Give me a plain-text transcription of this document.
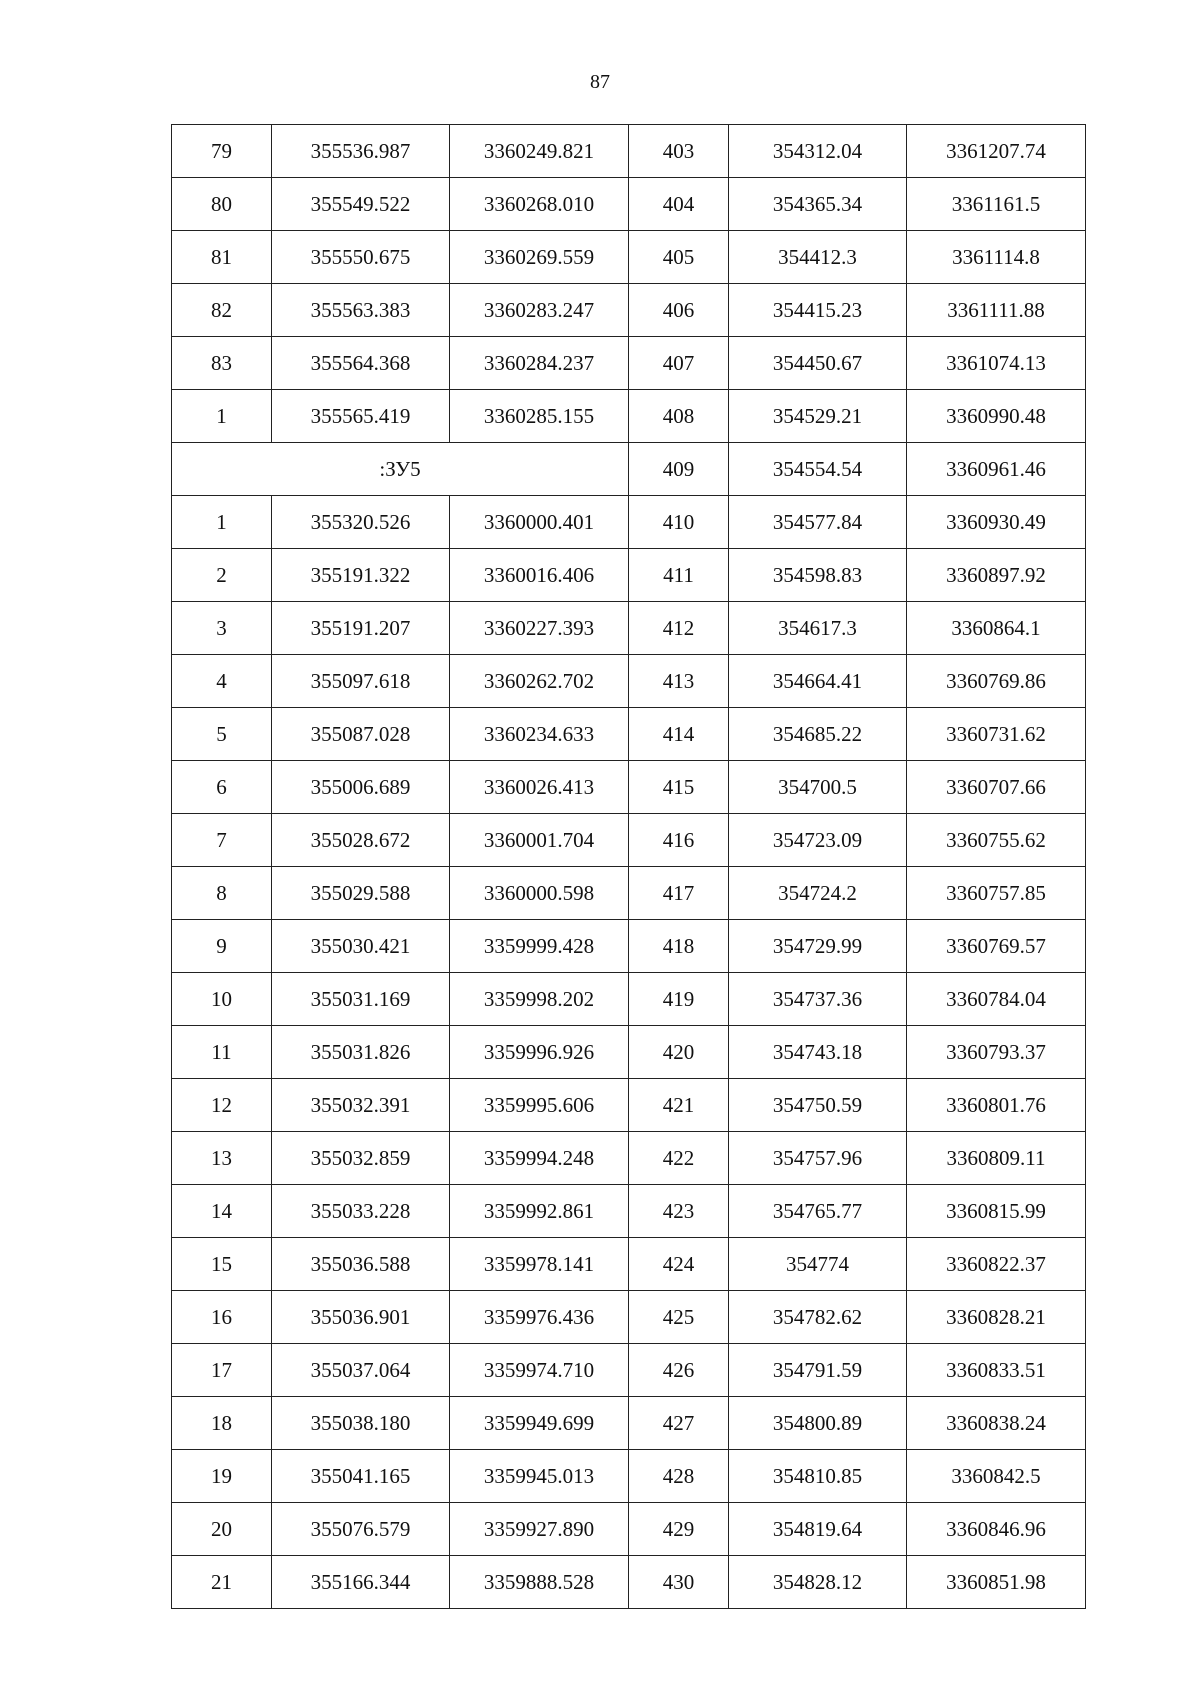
87
79	355536.987	3360249.821	403	354312.04	3361207.74
80	355549.522	3360268.010	404	354365.34	3361161.5
81	355550.675	3360269.559	405	354412.3	3361114.8
82	355563.383	3360283.247	406	354415.23	3361111.88
83	355564.368	3360284.237	407	354450.67	3361074.13
1	355565.419	3360285.155	408	354529.21	3360990.48
:ЗУ5			409	354554.54	3360961.46
1	355320.526	3360000.401	410	354577.84	3360930.49
2	355191.322	3360016.406	411	354598.83	3360897.92
3	355191.207	3360227.393	412	354617.3	3360864.1
4	355097.618	3360262.702	413	354664.41	3360769.86
5	355087.028	3360234.633	414	354685.22	3360731.62
6	355006.689	3360026.413	415	354700.5	3360707.66
7	355028.672	3360001.704	416	354723.09	3360755.62
8	355029.588	3360000.598	417	354724.2	3360757.85
9	355030.421	3359999.428	418	354729.99	3360769.57
10	355031.169	3359998.202	419	354737.36	3360784.04
11	355031.826	3359996.926	420	354743.18	3360793.37
12	355032.391	3359995.606	421	354750.59	3360801.76
13	355032.859	3359994.248	422	354757.96	3360809.11
14	355033.228	3359992.861	423	354765.77	3360815.99
15	355036.588	3359978.141	424	354774	3360822.37
16	355036.901	3359976.436	425	354782.62	3360828.21
17	355037.064	3359974.710	426	354791.59	3360833.51
18	355038.180	3359949.699	427	354800.89	3360838.24
19	355041.165	3359945.013	428	354810.85	3360842.5
20	355076.579	3359927.890	429	354819.64	3360846.96
21	355166.344	3359888.528	430	354828.12	3360851.98
